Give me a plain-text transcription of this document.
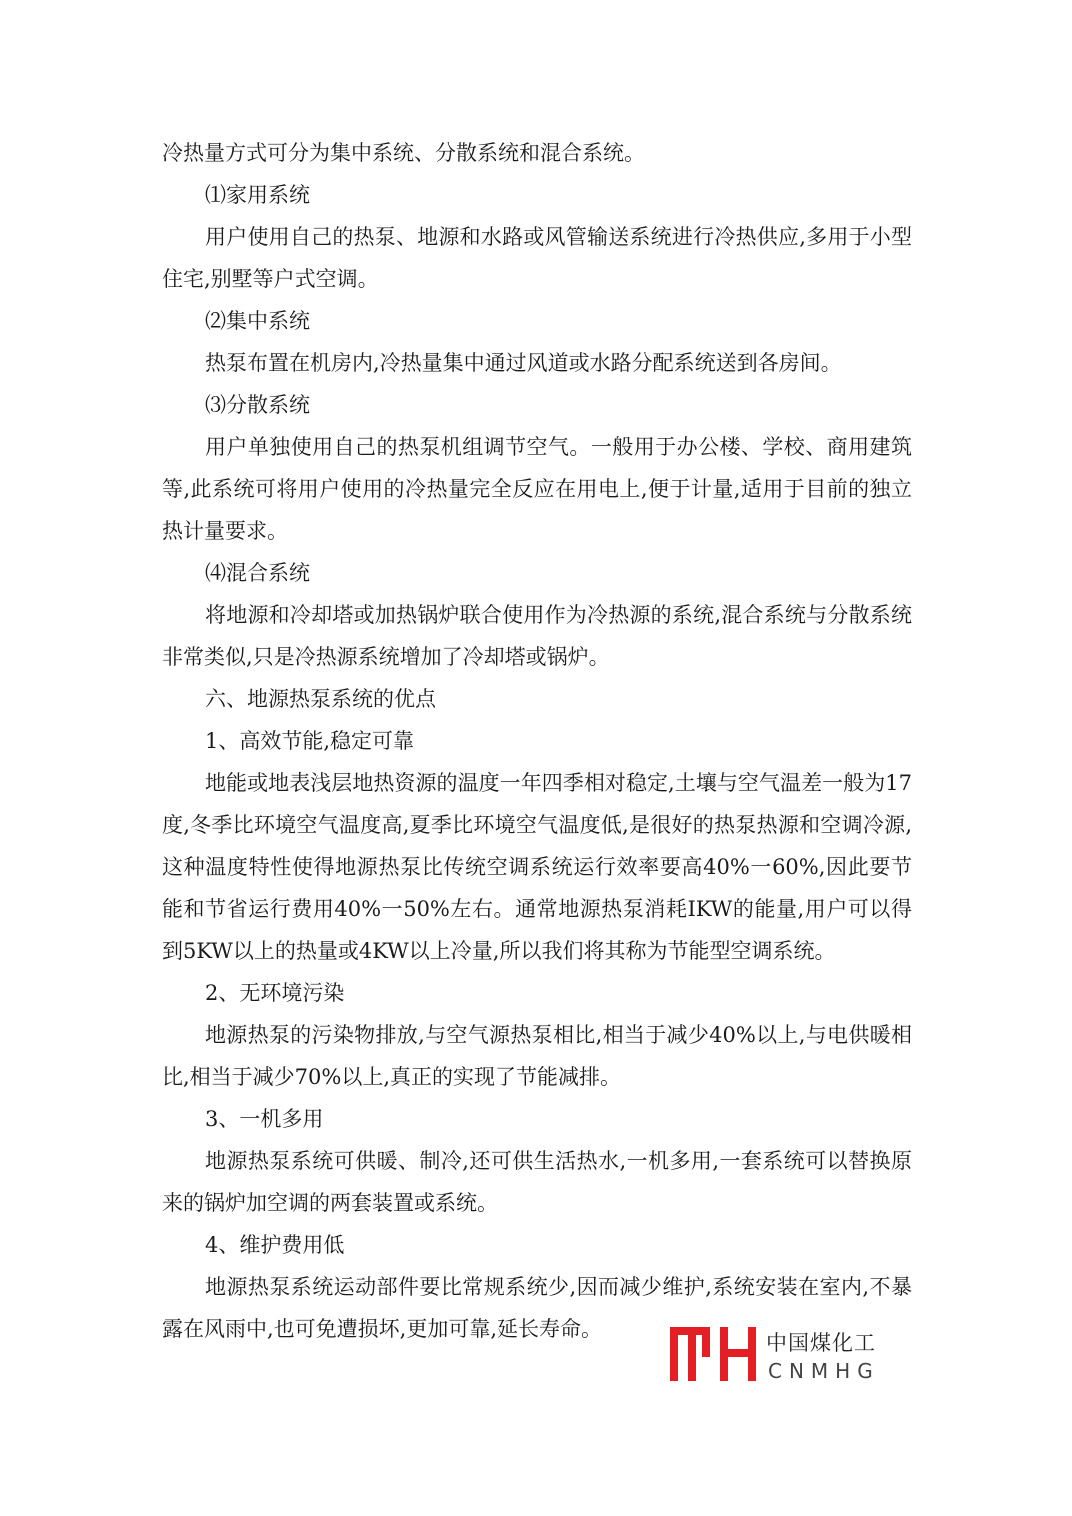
冷热量方式可分为集中系统、分散系统和混合系统。

⑴家用系统

用户使用自己的热泵、地源和水路或风管输送系统进行冷热供应,多用于小型住宅,别墅等户式空调。

⑵集中系统

热泵布置在机房内,冷热量集中通过风道或水路分配系统送到各房间。

⑶分散系统

用户单独使用自己的热泵机组调节空气。一般用于办公楼、学校、商用建筑等,此系统可将用户使用的冷热量完全反应在用电上,便于计量,适用于目前的独立热计量要求。

⑷混合系统

将地源和冷却塔或加热锅炉联合使用作为冷热源的系统,混合系统与分散系统非常类似,只是冷热源系统增加了冷却塔或锅炉。

六、地源热泵系统的优点

1、高效节能,稳定可靠

地能或地表浅层地热资源的温度一年四季相对稳定,土壤与空气温差一般为17度,冬季比环境空气温度高,夏季比环境空气温度低,是很好的热泵热源和空调冷源,这种温度特性使得地源热泵比传统空调系统运行效率要高40%一60%,因此要节能和节省运行费用40%一50%左右。通常地源热泵消耗IKW的能量,用户可以得到5KW以上的热量或4KW以上冷量,所以我们将其称为节能型空调系统。

2、无环境污染

地源热泵的污染物排放,与空气源热泵相比,相当于减少40%以上,与电供暖相比,相当于减少70%以上,真正的实现了节能减排。

3、一机多用

地源热泵系统可供暖、制冷,还可供生活热水,一机多用,一套系统可以替换原来的锅炉加空调的两套装置或系统。

4、维护费用低

地源热泵系统运动部件要比常规系统少,因而减少维护,系统安装在室内,不暴露在风雨中,也可免遭损坏,更加可靠,延长寿命。

中国煤化工
CNMHG
